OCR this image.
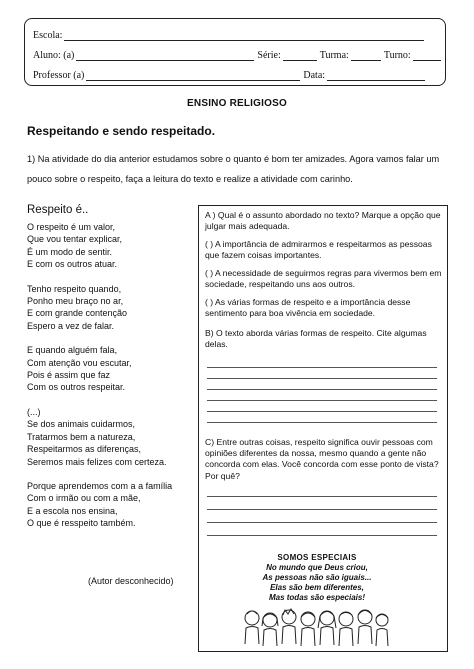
Escola:
Aluno: (a)	Série:	Turma:	Turno:
Professor (a)	Data:
ENSINO RELIGIOSO
Respeitando e sendo respeitado.
1) Na atividade do dia anterior estudamos sobre o quanto é bom ter amizades. Agora vamos falar um pouco sobre o respeito, faça a leitura do texto e realize a atividade com carinho.
Respeito é..
O respeito é um valor,
Que vou tentar explicar,
É um modo de sentir.
E com os outros atuar.
Tenho respeito quando,
Ponho meu braço no ar,
E com grande contenção
Espero a vez de falar.
E quando alguém fala,
Com atenção vou escutar,
Pois é assim que faz
Com os outros respeitar.
(...)
Se dos animais cuidarmos,
Tratarmos bem a natureza,
Respeitarmos as diferenças,
Seremos mais felizes com certeza.
Porque aprendemos com a a família
Com o irmão ou com a mãe,
E a escola nos ensina,
O que é resspeito também.
(Autor desconhecido)
A ) Qual é o assunto abordado no texto? Marque a opção que julgar mais adequada.
( ) A importância de admirarmos e respeitarmos as pessoas que fazem coisas importantes.
( ) A necessidade de seguirmos regras para vivermos bem em sociedade, respeitando uns aos outros.
( ) As várias formas de respeito e a importância desse sentimento para boa vivência em sociedade.
B) O texto aborda várias formas de respeito. Cite algumas delas.
C) Entre outras coisas, respeito significa ouvir pessoas com opiniões diferentes da nossa, mesmo quando a gente não concorda com elas. Você concorda com esse ponto de vista? Por quê?
SOMOS ESPECIAIS
No mundo que Deus criou,
As pessoas não são iguais...
Elas são bem diferentes,
Mas todas são especiais!
